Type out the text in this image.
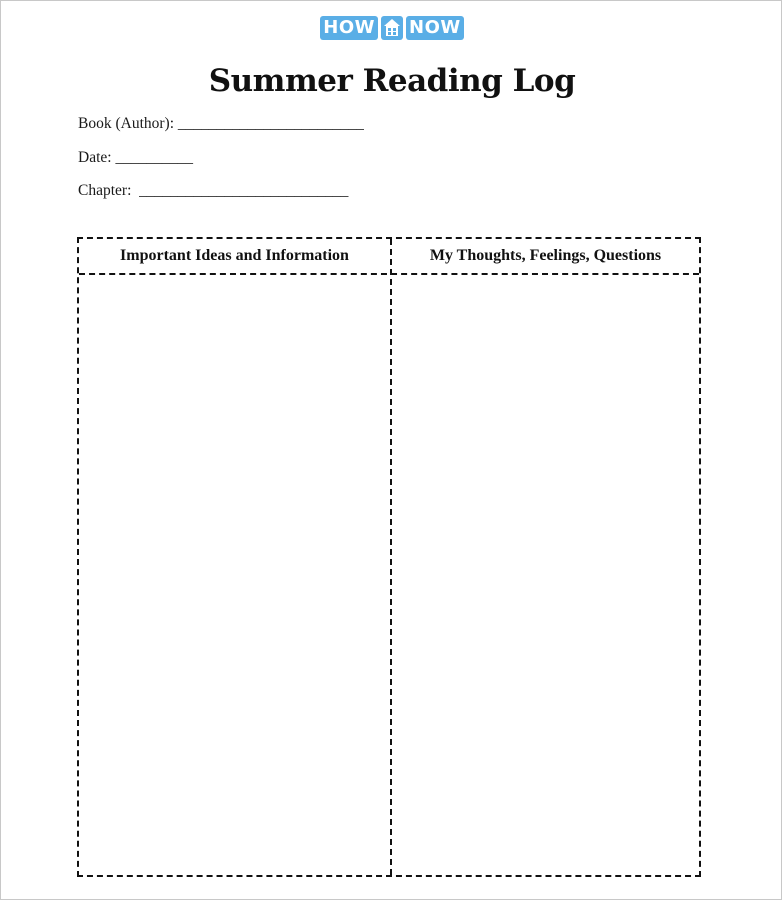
HOW NOW
Summer Reading Log
Book (Author): ________________________
Date: __________
Chapter:  ___________________________
Important Ideas and Information	My Thoughts, Feelings, Questions
